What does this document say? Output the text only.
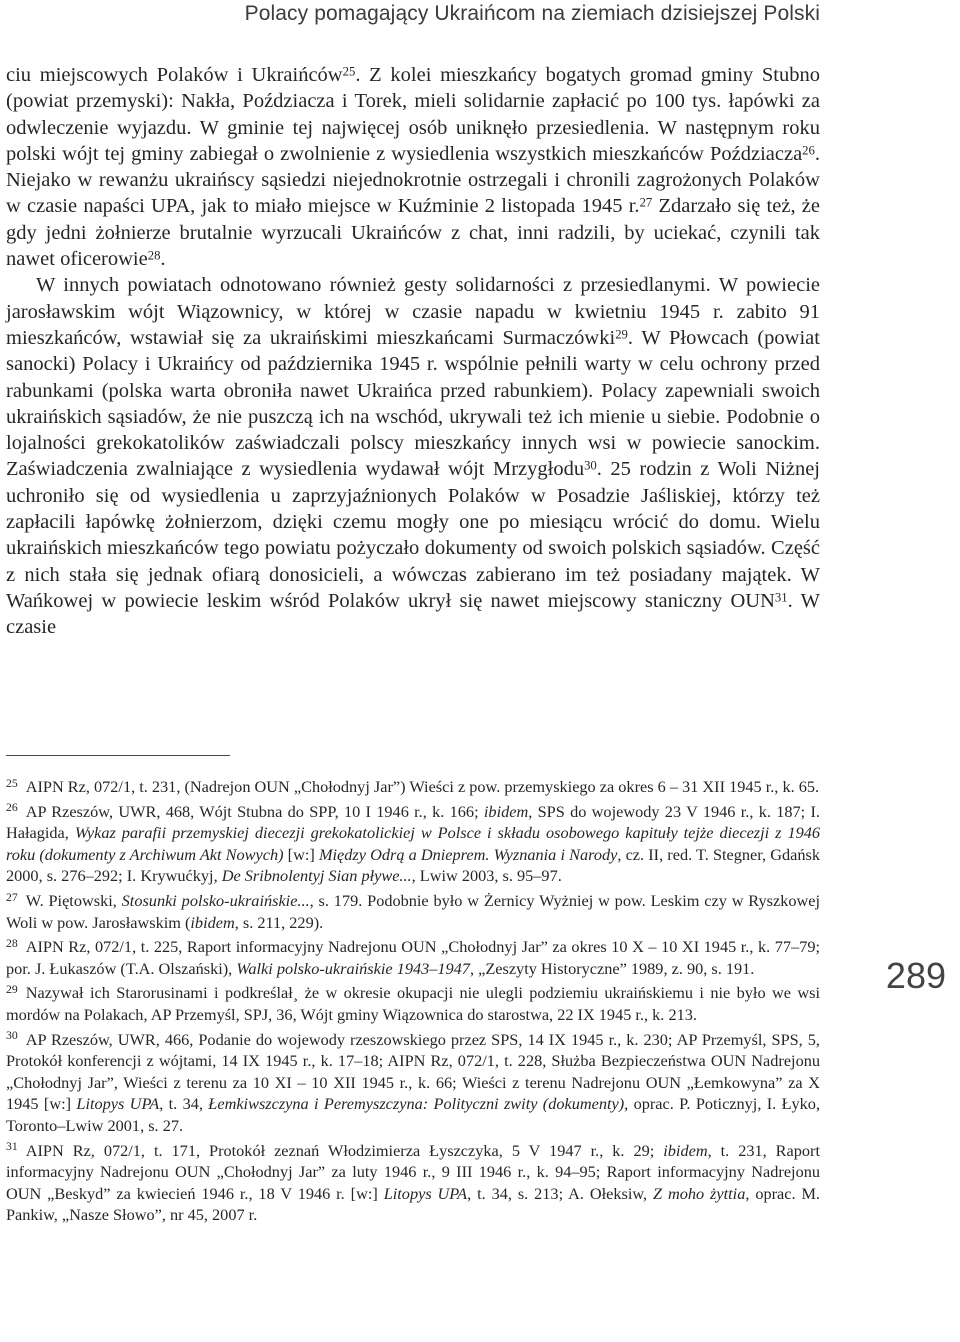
Polacy pomagający Ukraińcom na ziemiach dzisiejszej Polski

ciu miejscowych Polaków i Ukraińców$^{25}$. Z kolei mieszkańcy bogatych gromad gminy Stubno (powiat przemyski): Nakła, Poździacza i Torek, mieli solidarnie zapłacić po 100 tys. łapówki za odwleczenie wyjazdu. W gminie tej najwięcej osób uniknęło przesiedlenia. W następnym roku polski wójt tej gminy zabiegał o zwolnienie z wysiedlenia wszystkich mieszkańców Poździacza$^{26}$. Niejako w rewanżu ukraińscy sąsiedzi niejednokrotnie ostrzegali i chronili zagrożonych Polaków w czasie napaści UPA, jak to miało miejsce w Kuźminie 2 listopada 1945 r.$^{27}$ Zdarzało się też, że gdy jedni żołnierze brutalnie wyrzucali Ukraińców z chat, inni radzili, by uciekać, czynili tak nawet oficerowie$^{28}$.

W innych powiatach odnotowano również gesty solidarności z przesiedlanymi. W powiecie jarosławskim wójt Wiązownicy, w której w czasie napadu w kwietniu 1945 r. zabito 91 mieszkańców, wstawiał się za ukraińskimi mieszkańcami Surmaczówki$^{29}$. W Płowcach (powiat sanocki) Polacy i Ukraińcy od października 1945 r. wspólnie pełnili warty w celu ochrony przed rabunkami (polska warta obroniła nawet Ukraińca przed rabunkiem). Polacy zapewniali swoich ukraińskich sąsiadów, że nie puszczą ich na wschód, ukrywali też ich mienie u siebie. Podobnie o lojalności grekokatolików zaświadczali polscy mieszkańcy innych wsi w powiecie sanockim. Zaświadczenia zwalniające z wysiedlenia wydawał wójt Mrzygłodu$^{30}$. 25 rodzin z Woli Niżnej uchroniło się od wysiedlenia u zaprzyjaźnionych Polaków w Posadzie Jaśliskiej, którzy też zapłacili łapówkę żołnierzom, dzięki czemu mogły one po miesiącu wrócić do domu. Wielu ukraińskich mieszkańców tego powiatu pożyczało dokumenty od swoich polskich sąsiadów. Część z nich stała się jednak ofiarą donosicieli, a wówczas zabierano im też posiadany majątek. W Wańkowej w powiecie leskim wśród Polaków ukrył się nawet miejscowy staniczny OUN$^{31}$. W czasie

$^{25}$ AIPN Rz, 072/1, t. 231, (Nadrejon OUN „Chołodnyj Jar”) Wieści z pow. przemyskiego za okres 6 – 31 XII 1945 r., k. 65.

$^{26}$ AP Rzeszów, UWR, 468, Wójt Stubna do SPP, 10 I 1946 r., k. 166; ibidem, SPS do wojewody 23 V 1946 r., k. 187; I. Hałagida, Wykaz parafii przemyskiej diecezji grekokatolickiej w Polsce i składu osobowego kapituły tejże diecezji z 1946 roku (dokumenty z Archiwum Akt Nowych) [w:] Między Odrą a Dnieprem. Wyznania i Narody, cz. II, red. T. Stegner, Gdańsk 2000, s. 276–292; I. Krywućkyj, De Sribnolentyj Sian pływe..., Lwiw 2003, s. 95–97.

$^{27}$ W. Piętowski, Stosunki polsko-ukraińskie..., s. 179. Podobnie było w Żernicy Wyżniej w pow. Leskim czy w Ryszkowej Woli w pow. Jarosławskim (ibidem, s. 211, 229).

$^{28}$ AIPN Rz, 072/1, t. 225, Raport informacyjny Nadrejonu OUN „Chołodnyj Jar” za okres 10 X – 10 XI 1945 r., k. 77–79; por. J. Łukaszów (T.A. Olszański), Walki polsko-ukraińskie 1943–1947, „Zeszyty Historyczne” 1989, z. 90, s. 191.

$^{29}$ Nazywał ich Starorusinami i podkreślał¸ że w okresie okupacji nie ulegli podziemiu ukraińskiemu i nie było we wsi mordów na Polakach, AP Przemyśl, SPJ, 36, Wójt gminy Wiązownica do starostwa, 22 IX 1945 r., k. 213.

$^{30}$ AP Rzeszów, UWR, 466, Podanie do wojewody rzeszowskiego przez SPS, 14 IX 1945 r., k. 230; AP Przemyśl, SPS, 5, Protokół konferencji z wójtami, 14 IX 1945 r., k. 17–18; AIPN Rz, 072/1, t. 228, Służba Bezpieczeństwa OUN Nadrejonu „Chołodnyj Jar”, Wieści z terenu za 10 XI – 10 XII 1945 r., k. 66; Wieści z terenu Nadrejonu OUN „Łemkowyna” za X 1945 [w:] Litopys UPA, t. 34, Łemkiwszczyna i Peremyszczyna: Politycznі zwity (dokumenty), oprac. P. Poticznyj, I. Łyko, Toronto–Lwiw 2001, s. 27.

$^{31}$ AIPN Rz, 072/1, t. 171, Protokół zeznań Włodzimierza Łyszczyka, 5 V 1947 r., k. 29; ibidem, t. 231, Raport informacyjny Nadrejonu OUN „Chołodnyj Jar” za luty 1946 r., 9 III 1946 r., k. 94–95; Raport informacyjny Nadrejonu OUN „Beskyd” za kwiecień 1946 r., 18 V 1946 r. [w:] Litopys UPA, t. 34, s. 213; A. Ołeksiw, Z moho żyttia, oprac. M. Pankiw, „Nasze Słowo”, nr 45, 2007 r.

289
